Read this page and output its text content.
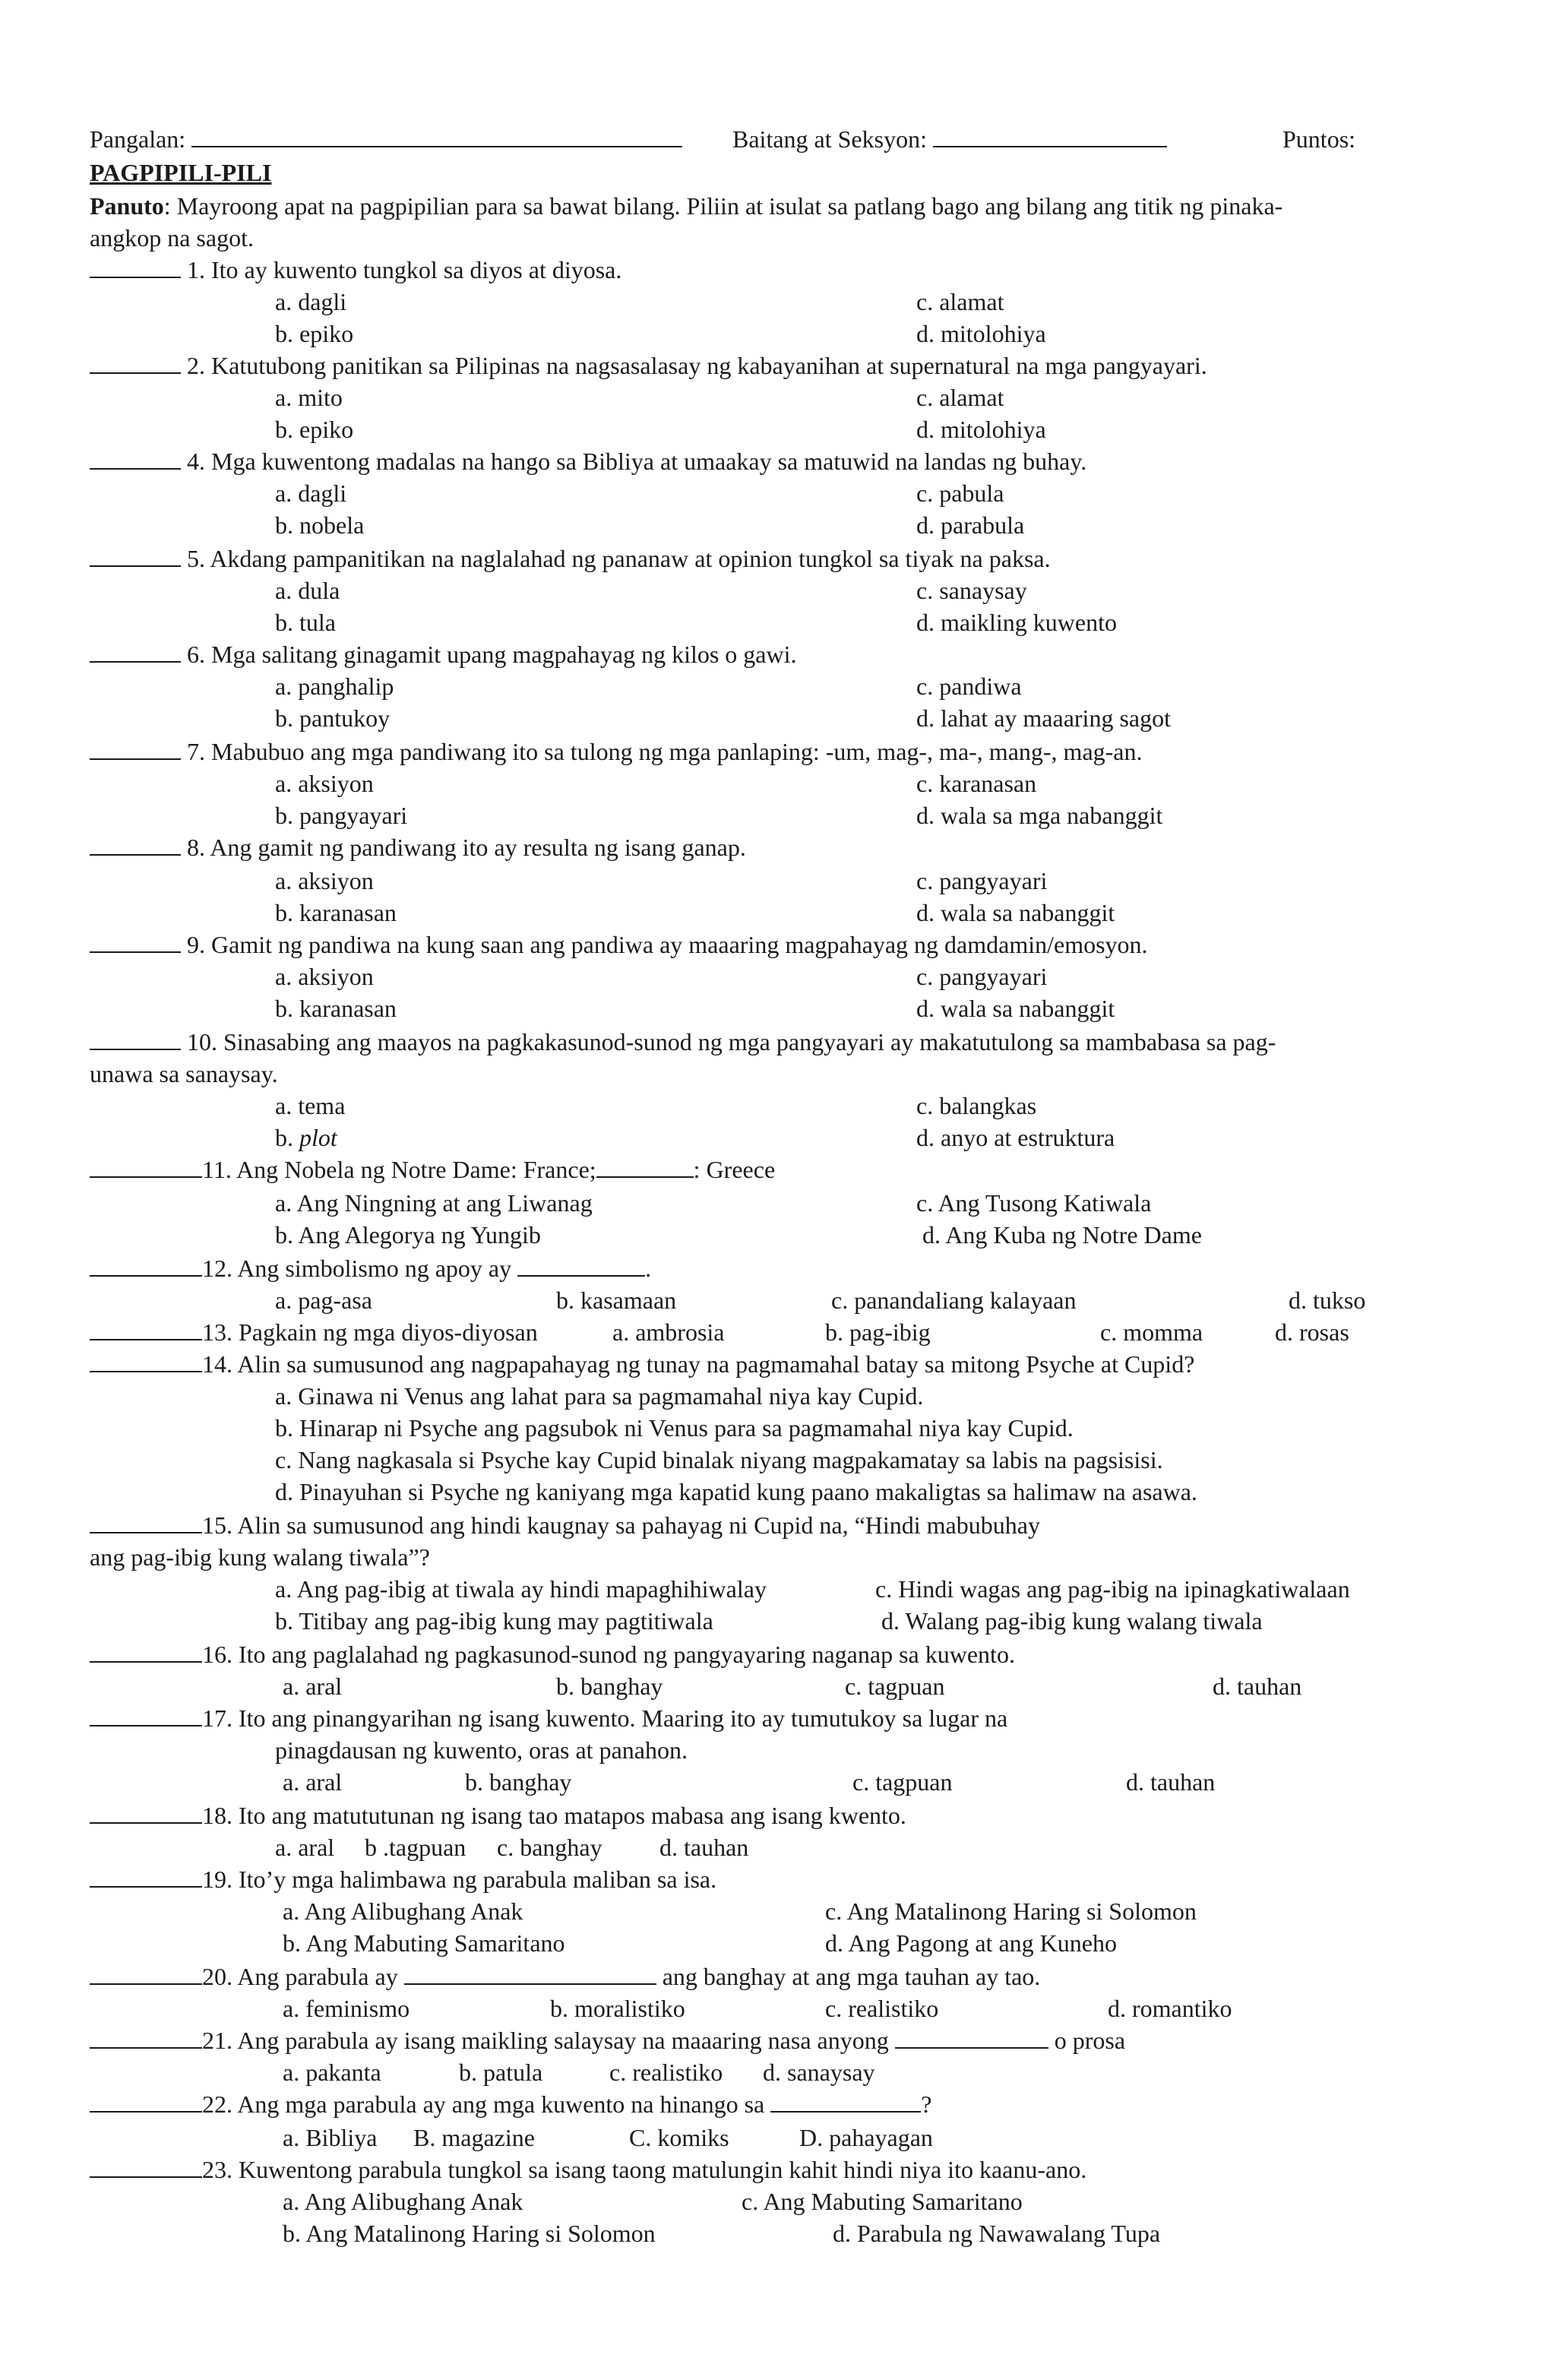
Pangalan:	Baitang at Seksyon:	Puntos:
PAGPIPILI-PILI
Panuto: Mayroong apat na pagpipilian para sa bawat bilang. Piliin at isulat sa patlang bago ang bilang ang titik ng pinaka-
angkop na sagot.
1. Ito ay kuwento tungkol sa diyos at diyosa.
a. dagli	c. alamat
b. epiko	d. mitolohiya
2. Katutubong panitikan sa Pilipinas na nagsasalasay ng kabayanihan at supernatural na mga pangyayari.
a. mito	c. alamat
b. epiko	d. mitolohiya
4. Mga kuwentong madalas na hango sa Bibliya at umaakay sa matuwid na landas ng buhay.
a. dagli	c. pabula
b. nobela	d. parabula
5. Akdang pampanitikan na naglalahad ng pananaw at opinion tungkol sa tiyak na paksa.
a. dula	c. sanaysay
b. tula	d. maikling kuwento
6. Mga salitang ginagamit upang magpahayag ng kilos o gawi.
a. panghalip	c. pandiwa
b. pantukoy	d. lahat ay maaaring sagot
7. Mabubuo ang mga pandiwang ito sa tulong ng mga panlaping: -um, mag-, ma-, mang-, mag-an.
a. aksiyon	c. karanasan
b. pangyayari	d. wala sa mga nabanggit
8. Ang gamit ng pandiwang ito ay resulta ng isang ganap.
a. aksiyon	c. pangyayari
b. karanasan	d. wala sa nabanggit
9. Gamit ng pandiwa na kung saan ang pandiwa ay maaaring magpahayag ng damdamin/emosyon.
a. aksiyon	c. pangyayari
b. karanasan	d. wala sa nabanggit
10. Sinasabing ang maayos na pagkakasunod-sunod ng mga pangyayari ay makatutulong sa mambabasa sa pag-
unawa sa sanaysay.
a. tema	c. balangkas
b. plot	d. anyo at estruktura
11. Ang Nobela ng Notre Dame: France;	: Greece
a. Ang Ningning at ang Liwanag	c. Ang Tusong Katiwala
b. Ang Alegorya ng Yungib	d. Ang Kuba ng Notre Dame
12. Ang simbolismo ng apoy ay	.
a. pag-asa	b. kasamaan	c. panandaliang kalayaan	d. tukso
13. Pagkain ng mga diyos-diyosan	a. ambrosia	b. pag-ibig	c. momma	d. rosas
14. Alin sa sumusunod ang nagpapahayag ng tunay na pagmamahal batay sa mitong Psyche at Cupid?
a. Ginawa ni Venus ang lahat para sa pagmamahal niya kay Cupid.
b. Hinarap ni Psyche ang pagsubok ni Venus para sa pagmamahal niya kay Cupid.
c. Nang nagkasala si Psyche kay Cupid binalak niyang magpakamatay sa labis na pagsisisi.
d. Pinayuhan si Psyche ng kaniyang mga kapatid kung paano makaligtas sa halimaw na asawa.
15. Alin sa sumusunod ang hindi kaugnay sa pahayag ni Cupid na, “Hindi mabubuhay
ang pag-ibig kung walang tiwala”?
a. Ang pag-ibig at tiwala ay hindi mapaghihiwalay	c. Hindi wagas ang pag-ibig na ipinagkatiwalaan
b. Titibay ang pag-ibig kung may pagtitiwala	d. Walang pag-ibig kung walang tiwala
16. Ito ang paglalahad ng pagkasunod-sunod ng pangyayaring naganap sa kuwento.
a. aral	b. banghay	c. tagpuan	d. tauhan
17. Ito ang pinangyarihan ng isang kuwento. Maaring ito ay tumutukoy sa lugar na
pinagdausan ng kuwento, oras at panahon.
a. aral	b. banghay	c. tagpuan	d. tauhan
18. Ito ang matututunan ng isang tao matapos mabasa ang isang kwento.
a. aral b .tagpuan c. banghay d. tauhan
19. Ito’y mga halimbawa ng parabula maliban sa isa.
a. Ang Alibughang Anak	c. Ang Matalinong Haring si Solomon
b. Ang Mabuting Samaritano	d. Ang Pagong at ang Kuneho
20. Ang parabula ay	ang banghay at ang mga tauhan ay tao.
a. feminismo	b. moralistiko	c. realistiko	d. romantiko
21. Ang parabula ay isang maikling salaysay na maaaring nasa anyong	o prosa
a. pakanta	b. patula	c. realistiko d. sanaysay
22. Ang mga parabula ay ang mga kuwento na hinango sa	?
a. Bibliya B. magazine	C. komiks	D. pahayagan
23. Kuwentong parabula tungkol sa isang taong matulungin kahit hindi niya ito kaanu-ano.
a. Ang Alibughang Anak	c. Ang Mabuting Samaritano
b. Ang Matalinong Haring si Solomon	d. Parabula ng Nawawalang Tupa
